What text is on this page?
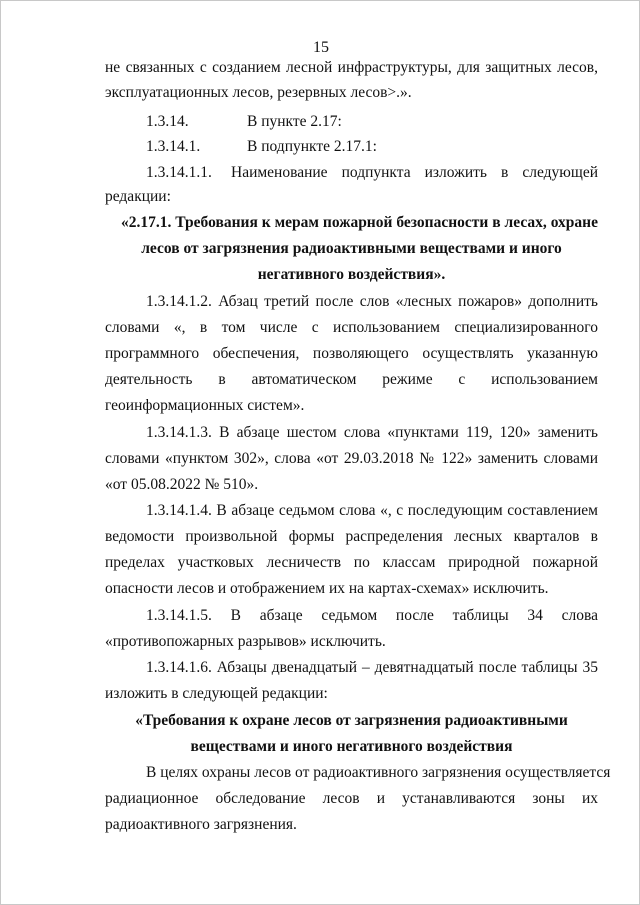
15
не связанных с созданием лесной инфраструктуры, для защитных лесов,
эксплуатационных лесов, резервных лесов>.».
1.3.14.	В пункте 2.17:
1.3.14.1.	В подпункте 2.17.1:
1.3.14.1.1. Наименование подпункта изложить в следующей
редакции:
«2.17.1. Требования к мерам пожарной безопасности в лесах, охране
лесов от загрязнения радиоактивными веществами и иного
негативного воздействия».
1.3.14.1.2. Абзац третий после слов «лесных пожаров» дополнить
словами «, в том числе с использованием специализированного
программного обеспечения, позволяющего осуществлять указанную
деятельность в автоматическом режиме с использованием
геоинформационных систем».
1.3.14.1.3. В абзаце шестом слова «пунктами 119, 120» заменить
словами «пунктом 302», слова «от 29.03.2018 № 122» заменить словами
«от 05.08.2022 № 510».
1.3.14.1.4. В абзаце седьмом слова «, с последующим составлением
ведомости произвольной формы распределения лесных кварталов в
пределах участковых лесничеств по классам природной пожарной
опасности лесов и отображением их на картах-схемах» исключить.
1.3.14.1.5. В абзаце седьмом после таблицы 34 слова
«противопожарных разрывов» исключить.
1.3.14.1.6. Абзацы двенадцатый – девятнадцатый после таблицы 35
изложить в следующей редакции:
«Требования к охране лесов от загрязнения радиоактивными
веществами и иного негативного воздействия
В целях охраны лесов от радиоактивного загрязнения осуществляется
радиационное обследование лесов и устанавливаются зоны их
радиоактивного загрязнения.
